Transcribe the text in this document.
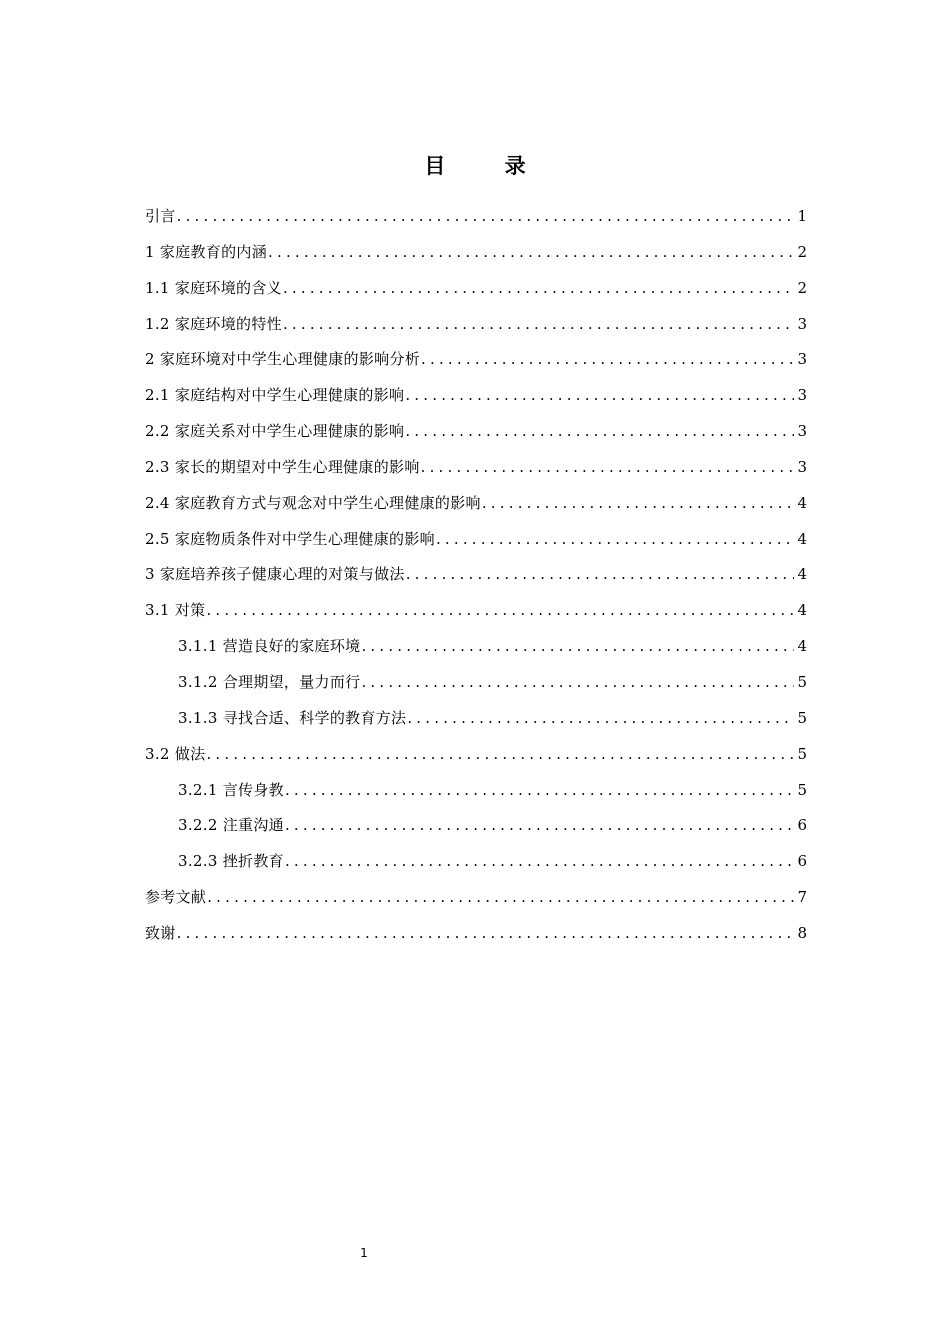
目 录
引言 .....	1
1 家庭教育的内涵 .....	2
1.1 家庭环境的含义 .....	2
1.2 家庭环境的特性 .....	3
2 家庭环境对中学生心理健康的影响分析 .....	3
2.1 家庭结构对中学生心理健康的影响 .....	3
2.2 家庭关系对中学生心理健康的影响 .....	3
2.3 家长的期望对中学生心理健康的影响 .....	3
2.4 家庭教育方式与观念对中学生心理健康的影响 .....	4
2.5 家庭物质条件对中学生心理健康的影响 .....	4
3 家庭培养孩子健康心理的对策与做法 .....	4
3.1 对策 .....	4
3.1.1 营造良好的家庭环境 .....	4
3.1.2 合理期望，量力而行 .....	5
3.1.3 寻找合适、科学的教育方法 .....	5
3.2 做法 .....	5
3.2.1 言传身教 .....	5
3.2.2 注重沟通 .....	6
3.2.3 挫折教育 .....	6
参考文献 .....	7
致谢 .....	8
1
